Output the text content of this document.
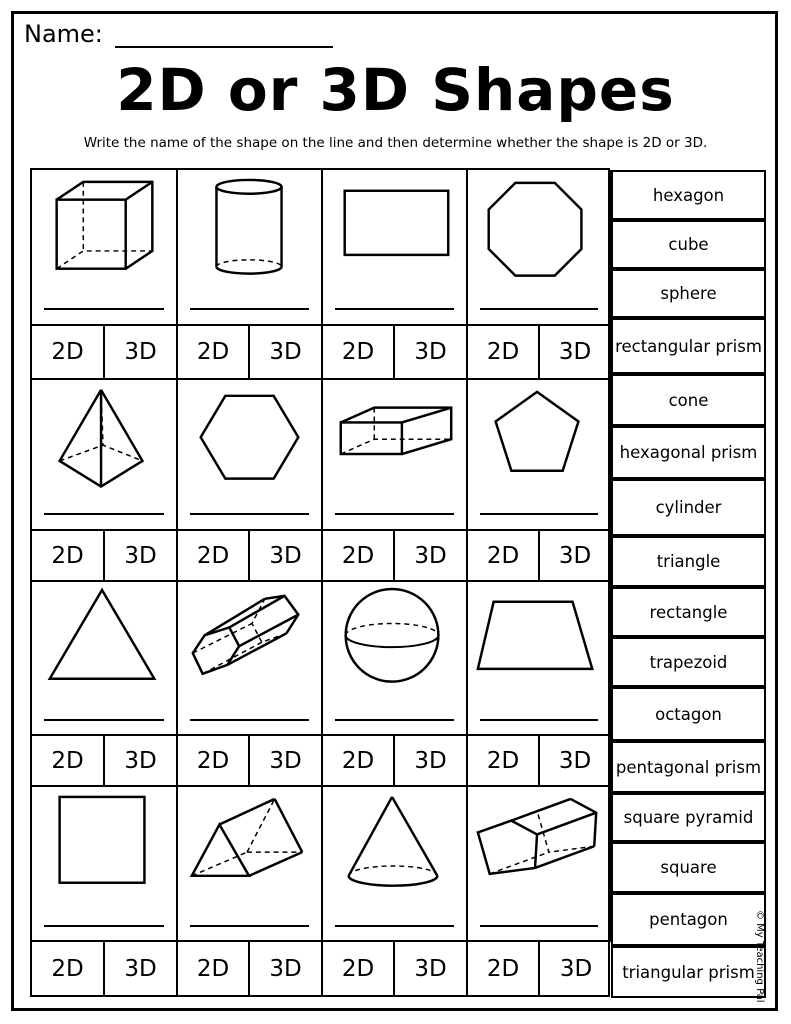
Name:
2D or 3D Shapes
Write the name of the shape on the line and then determine whether the shape is 2D or 3D.
2D	3D	2D	3D	2D	3D	2D	3D
2D	3D	2D	3D	2D	3D	2D	3D
2D	3D	2D	3D	2D	3D	2D	3D
2D	3D	2D	3D	2D	3D	2D	3D
hexagon
cube
sphere
rectangular prism
cone
hexagonal prism
cylinder
triangle
rectangle
trapezoid
octagon
pentagonal prism
square pyramid
square
pentagon
triangular prism © My Teaching Pal
